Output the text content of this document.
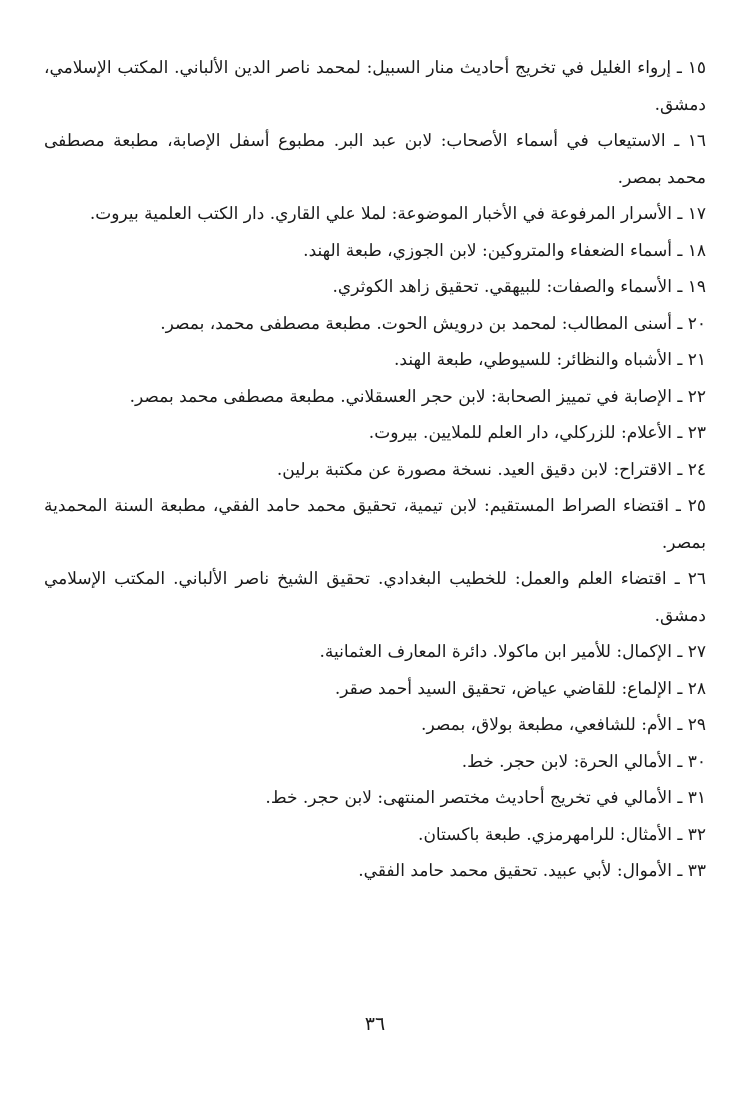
١٥ ـ إرواء الغليل في تخريج أحاديث منار السبيل: لمحمد ناصر الدين الألباني. المكتب الإسلامي، دمشق.
١٦ ـ الاستيعاب في أسماء الأصحاب: لابن عبد البر. مطبوع أسفل الإصابة، مطبعة مصطفى محمد بمصر.
١٧ ـ الأسرار المرفوعة في الأخبار الموضوعة: لملا علي القاري. دار الكتب العلمية بيروت.
١٨ ـ أسماء الضعفاء والمتروكين: لابن الجوزي، طبعة الهند.
١٩ ـ الأسماء والصفات: للبيهقي. تحقيق زاهد الكوثري.
٢٠ ـ أسنى المطالب: لمحمد بن درويش الحوت. مطبعة مصطفى محمد، بمصر.
٢١ ـ الأشباه والنظائر: للسيوطي، طبعة الهند.
٢٢ ـ الإصابة في تمييز الصحابة: لابن حجر العسقلاني. مطبعة مصطفى محمد بمصر.
٢٣ ـ الأعلام: للزركلي، دار العلم للملايين. بيروت.
٢٤ ـ الاقتراح: لابن دقيق العيد. نسخة مصورة عن مكتبة برلين.
٢٥ ـ اقتضاء الصراط المستقيم: لابن تيمية، تحقيق محمد حامد الفقي، مطبعة السنة المحمدية بمصر.
٢٦ ـ اقتضاء العلم والعمل: للخطيب البغدادي. تحقيق الشيخ ناصر الألباني. المكتب الإسلامي دمشق.
٢٧ ـ الإكمال: للأمير ابن ماكولا. دائرة المعارف العثمانية.
٢٨ ـ الإلماع: للقاضي عياض، تحقيق السيد أحمد صقر.
٢٩ ـ الأم: للشافعي، مطبعة بولاق، بمصر.
٣٠ ـ الأمالي الحرة: لابن حجر. خط.
٣١ ـ الأمالي في تخريج أحاديث مختصر المنتهى: لابن حجر. خط.
٣٢ ـ الأمثال: للرامهرمزي. طبعة باكستان.
٣٣ ـ الأموال: لأبي عبيد. تحقيق محمد حامد الفقي.
٣٦
